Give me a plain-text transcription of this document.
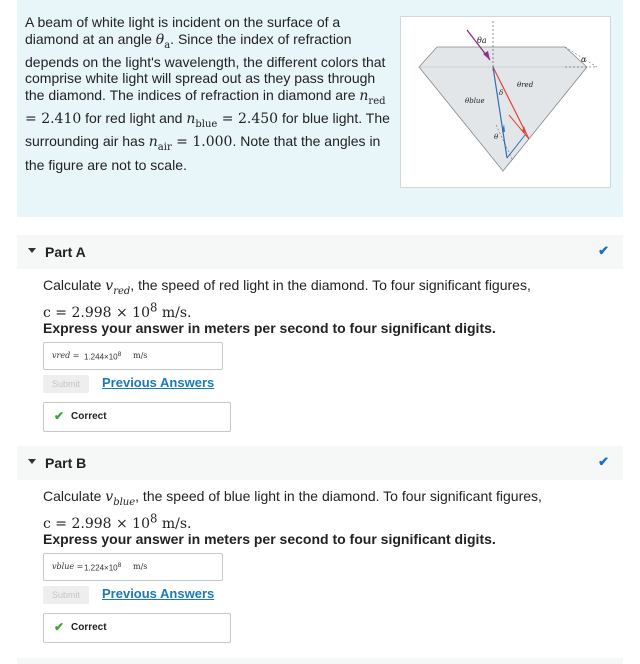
θa
θred
θblue
δ
α
θ
A beam of white light is incident on the surface of a diamond at an angle $\theta_a$. Since the index of refraction depends on the light's wavelength, the different colors that comprise white light will spread out as they pass through the diamond. The indices of refraction in diamond are $n_{red} = 2.410$ for red light and $n_{blue} = 2.450$ for blue light. The surrounding air has $n_{air} = 1.000$. Note that the angles in the figure are not to scale.
Part A	✔
Calculate $v_{red}$, the speed of red light in the diamond. To four significant figures,
$c = 2.998 \times 10^8$ m/s.
Express your answer in meters per second to four significant digits.
vred = $1.244\times 10^8$ m/s
Submit	Previous Answers
✔ Correct
Part B	✔
Calculate $v_{blue}$, the speed of blue light in the diamond. To four significant figures,
$c = 2.998 \times 10^8$ m/s.
Express your answer in meters per second to four significant digits.
vblue = $1.224\times 10^8$ m/s
Submit	Previous Answers
✔ Correct
